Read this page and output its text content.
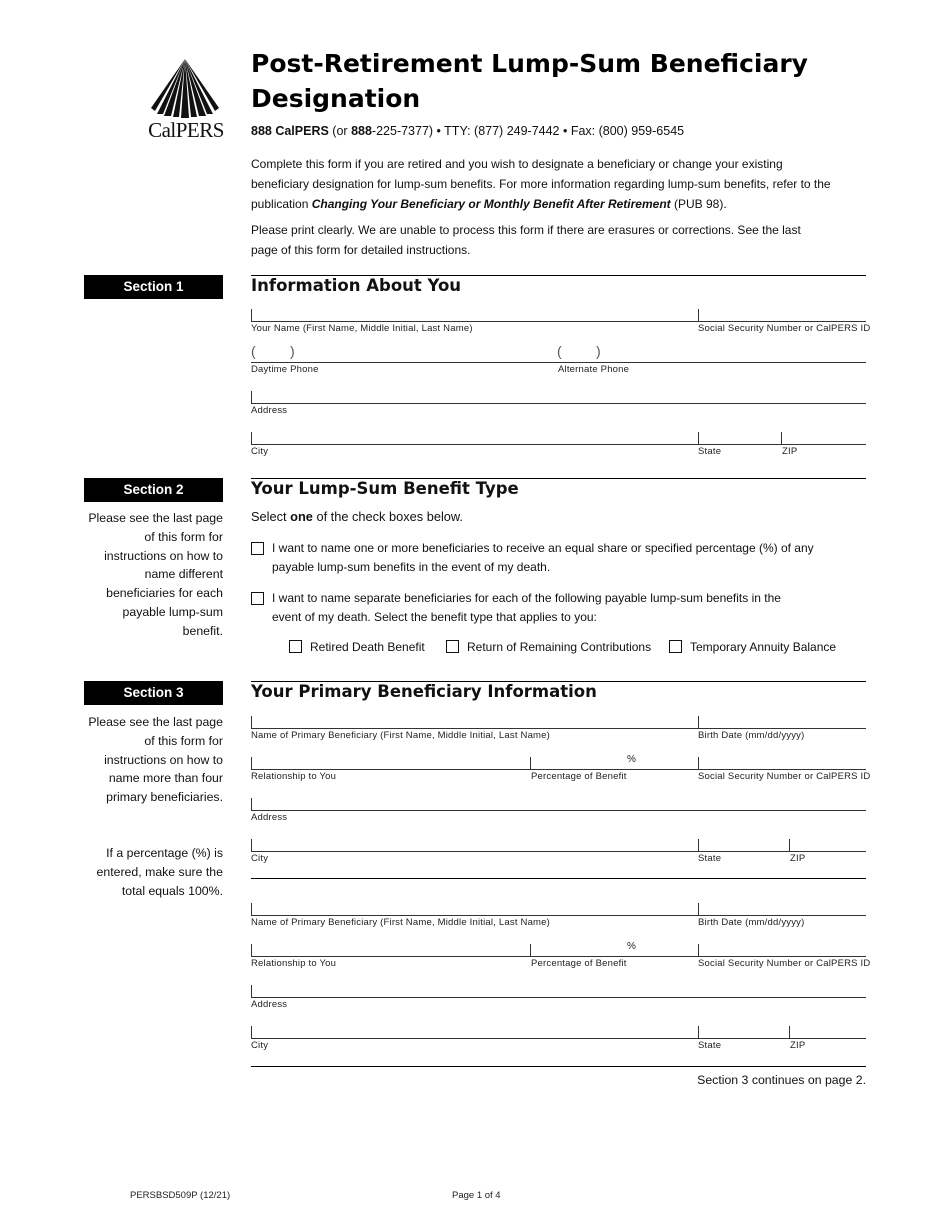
CalPERS
Post-Retirement Lump-Sum Beneficiary Designation
888 CalPERS (or 888-225-7377) • TTY: (877) 249-7442 • Fax: (800) 959-6545
Complete this form if you are retired and you wish to designate a beneficiary or change your existing beneficiary designation for lump-sum benefits. For more information regarding lump-sum benefits, refer to the publication Changing Your Beneficiary or Monthly Benefit After Retirement (PUB 98).
Please print clearly. We are unable to process this form if there are erasures or corrections. See the last page of this form for detailed instructions.
Section 1	Information About You
Your Name (First Name, Middle Initial, Last Name)	Social Security Number or CalPERS ID
( )	( )
Daytime Phone	Alternate Phone
Address
City	State	ZIP
Section 2	Your Lump-Sum Benefit Type
Please see the last page of this form for instructions on how to name different beneficiaries for each payable lump-sum benefit.
Select one of the check boxes below.
I want to name one or more beneficiaries to receive an equal share or specified percentage (%) of any payable lump-sum benefits in the event of my death.
I want to name separate beneficiaries for each of the following payable lump-sum benefits in the event of my death. Select the benefit type that applies to you:
Retired Death Benefit	Return of Remaining Contributions	Temporary Annuity Balance
Section 3	Your Primary Beneficiary Information
Please see the last page of this form for instructions on how to name more than four primary beneficiaries.
If a percentage (%) is entered, make sure the total equals 100%.
Name of Primary Beneficiary (First Name, Middle Initial, Last Name)	Birth Date (mm/dd/yyyy)
%
Relationship to You	Percentage of Benefit	Social Security Number or CalPERS ID
Address
City	State	ZIP
Name of Primary Beneficiary (First Name, Middle Initial, Last Name)	Birth Date (mm/dd/yyyy)
%
Relationship to You	Percentage of Benefit	Social Security Number or CalPERS ID
Address
City	State	ZIP
Section 3 continues on page 2.
PERSBSD509P (12/21)	Page 1 of 4
